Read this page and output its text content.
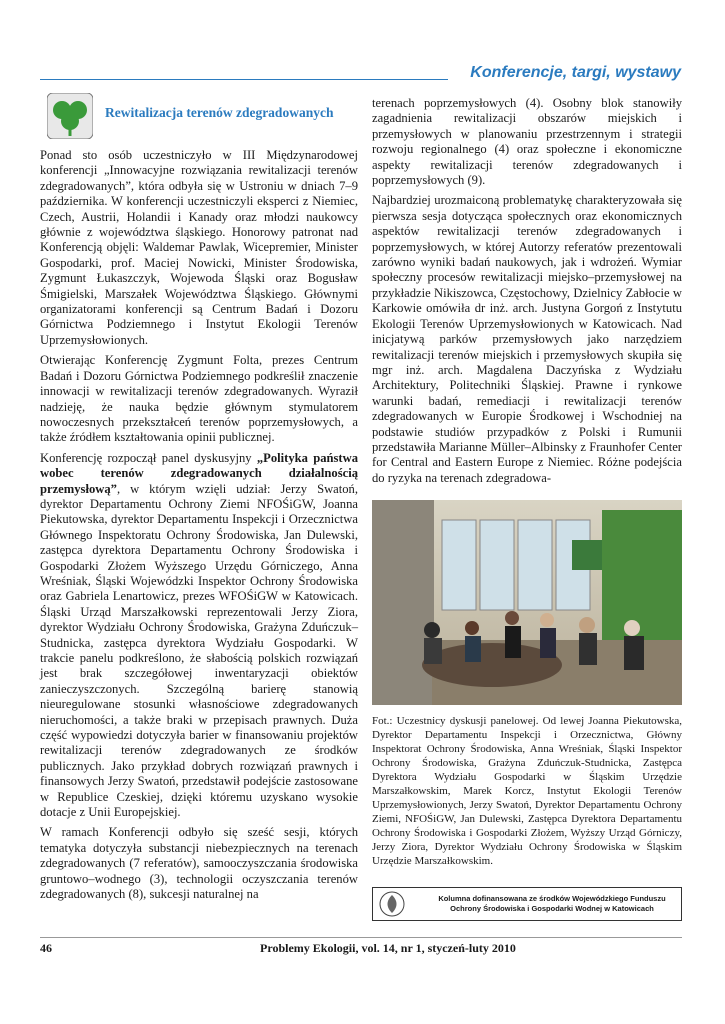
Konferencje, targi, wystawy
Rewitalizacja terenów zdegradowanych

Ponad sto osób uczestniczyło w III Międzynarodowej konferencji „Innowacyjne rozwiązania rewitalizacji terenów zdegradowanych”, która odbyła się w Ustroniu w dniach 7–9 października. W konferencji uczestniczyli eksperci z Niemiec, Czech, Austrii, Holandii i Kanady oraz młodzi naukowcy głównie z województwa śląskiego. Honorowy patronat nad Konferencją objęli: Waldemar Pawlak, Wicepremier, Minister Gospodarki, prof. Maciej Nowicki, Minister Środowiska, Zygmunt Łukaszczyk, Wojewoda Śląski oraz Bogusław Śmigielski, Marszałek Województwa Śląskiego. Głównymi organizatorami konferencji są Centrum Badań i Dozoru Górnictwa Podziemnego i Instytut Ekologii Terenów Uprzemysłowionych.

Otwierając Konferencję Zygmunt Folta, prezes Centrum Badań i Dozoru Górnictwa Podziemnego podkreślił znaczenie innowacji w rewitalizacji terenów zdegradowanych. Wyraził nadzieję, że nauka będzie głównym stymulatorem nowoczesnych przekształceń terenów poprzemysłowych, a także źródłem kształtowania opinii publicznej.

Konferencję rozpoczął panel dyskusyjny „Polityka państwa wobec terenów zdegradowanych działalnością przemysłową”, w którym wzięli udział: Jerzy Swatoń, dyrektor Departamentu Ochrony Ziemi NFOŚiGW, Joanna Piekutowska, dyrektor Departamentu Inspekcji i Orzecznictwa Głównego Inspektoratu Ochrony Środowiska, Jan Dulewski, zastępca dyrektora Departamentu Ochrony Środowiska i Gospodarki Złożem Wyższego Urzędu Górniczego, Anna Wreśniak, Śląski Wojewódzki Inspektor Ochrony Środowiska oraz Gabriela Lenartowicz, prezes WFOŚiGW w Katowicach. Śląski Urząd Marszałkowski reprezentowali Jerzy Ziora, dyrektor Wydziału Ochrony Środowiska, Grażyna Zduńczuk–Studnicka, zastępca dyrektora Wydziału Gospodarki. W trakcie panelu podkreślono, że słabością polskich rozwiązań jest brak szczegółowej inwentaryzacji obiektów zanieczyszczonych. Szczególną barierę stanowią nieuregulowane stosunki własnościowe zdegradowanych nieruchomości, a także braki w przepisach prawnych. Duża część wypowiedzi dotyczyła barier w finansowaniu projektów rewitalizacji terenów zdegradowanych ze środków publicznych. Jako przykład dobrych rozwiązań prawnych i finansowych Jerzy Swatoń, przedstawił podejście zastosowane w Republice Czeskiej, dzięki któremu uzyskano wysokie dotacje z Unii Europejskiej.

W ramach Konferencji odbyło się sześć sesji, których tematyka dotyczyła substancji niebezpiecznych na terenach zdegradowanych (7 referatów), samooczyszczania środowiska gruntowo–wodnego (3), technologii oczyszczania terenów zdegradowanych (8), sukcesji naturalnej na

terenach poprzemysłowych (4). Osobny blok stanowiły zagadnienia rewitalizacji obszarów miejskich i przemysłowych w planowaniu przestrzennym i strategii rozwoju regionalnego (4) oraz społeczne i ekonomiczne aspekty rewitalizacji terenów zdegradowanych i poprzemysłowych (9).

Najbardziej urozmaiconą problematykę charakteryzowała się pierwsza sesja dotycząca społecznych oraz ekonomicznych aspektów rewitalizacji terenów zdegradowanych i poprzemysłowych, w której Autorzy referatów prezentowali zarówno wyniki badań naukowych, jak i wdrożeń. Wymiar społeczny procesów rewitalizacji miejsko–przemysłowej na przykładzie Nikiszowca, Częstochowy, Dzielnicy Zabłocie w Karkowie omówiła dr inż. arch. Justyna Gorgoń z Instytutu Ekologii Terenów Uprzemysłowionych w Katowicach. Nad inicjatywą parków przemysłowych jako narzędziem rewitalizacji terenów miejskich i przemysłowych skupiła się mgr inż. arch. Magdalena Daczyńska z Wydziału Architektury, Politechniki Śląskiej. Prawne i rynkowe warunki badań, remediacji i rewitalizacji terenów zdegradowanych w Europie Środkowej i Wschodniej na podstawie studiów przypadków z Polski i Rumunii przedstawiła Marianne Müller–Albinsky z Fraunhofer Center for Central and Eastern Europe z Niemiec. Różne podejścia do ryzyka na terenach zdegradowa-

Fot.: Uczestnicy dyskusji panelowej. Od lewej Joanna Piekutowska, Dyrektor Departamentu Inspekcji i Orzecznictwa, Główny Inspektorat Ochrony Środowiska, Anna Wreśniak, Śląski Inspektor Ochrony Środowiska, Grażyna Zduńczuk-Studnicka, Zastępca Dyrektora Wydziału Gospodarki w Śląskim Urzędzie Marszałkowskim, Marek Korcz, Instytut Ekologii Terenów Uprzemysłowionych, Jerzy Swatoń, Dyrektor Departamentu Ochrony Ziemi, NFOŚiGW, Jan Dulewski, Zastępca Dyrektora Departamentu Ochrony Środowiska i Gospodarki Złożem, Wyższy Urząd Górniczy, Jerzy Ziora, Dyrektor Wydziału Ochrony Środowiska w Śląskim Urzędzie Marszałkowskim.
Kolumna dofinansowana ze środków Wojewódzkiego Funduszu
Ochrony Środowiska i Gospodarki Wodnej w Katowicach
46	Problemy Ekologii, vol. 14, nr 1, styczeń-luty 2010
